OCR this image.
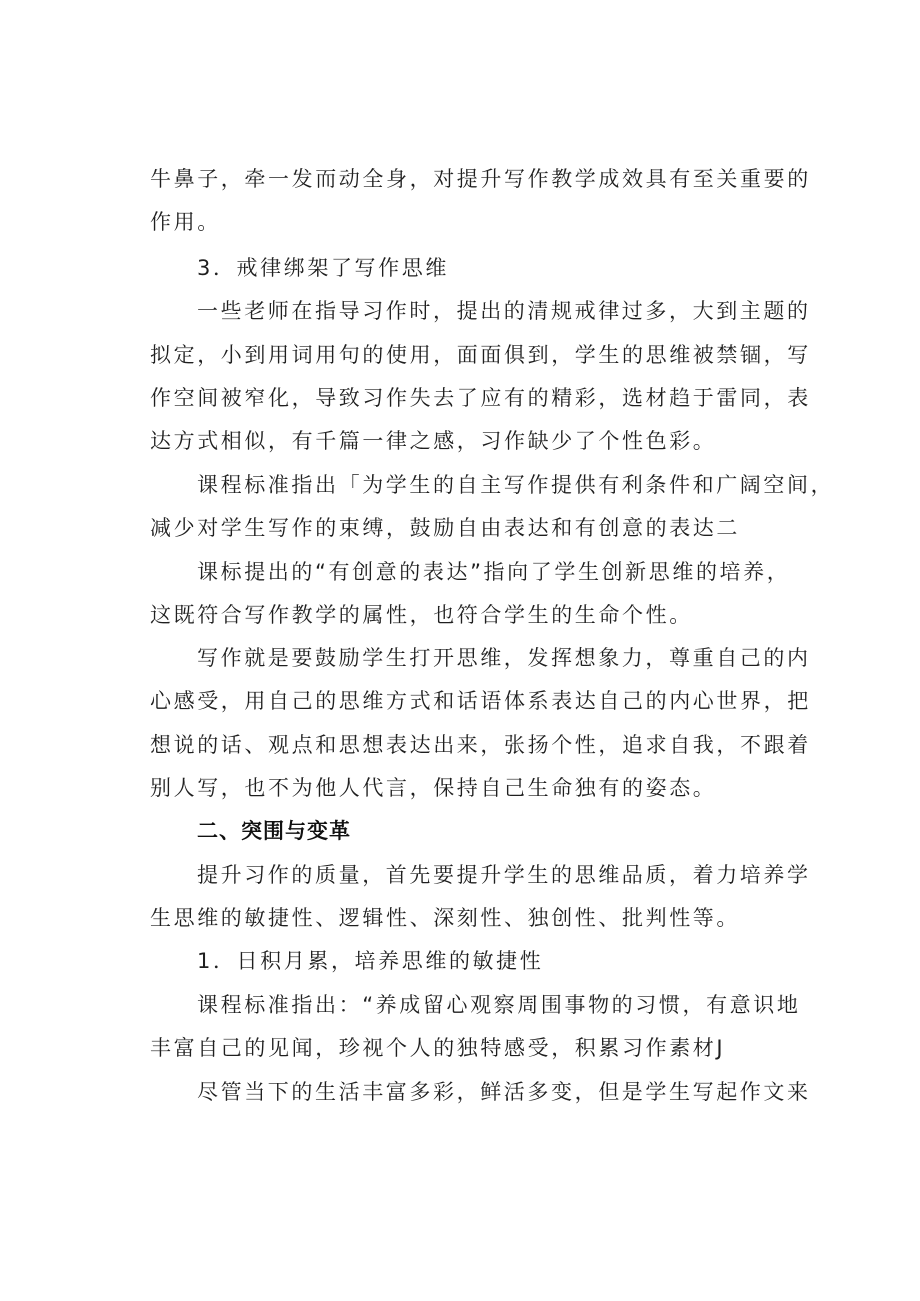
牛鼻子，牵一发而动全身，对提升写作教学成效具有至关重要的
作用。
3．戒律绑架了写作思维
一些老师在指导习作时，提出的清规戒律过多，大到主题的
拟定，小到用词用句的使用，面面俱到，学生的思维被禁锢，写
作空间被窄化，导致习作失去了应有的精彩，选材趋于雷同，表
达方式相似，有千篇一律之感，习作缺少了个性色彩。
课程标准指出「为学生的自主写作提供有利条件和广阔空间，
减少对学生写作的束缚，鼓励自由表达和有创意的表达二
课标提出的“有创意的表达”指向了学生创新思维的培养，
这既符合写作教学的属性，也符合学生的生命个性。
写作就是要鼓励学生打开思维，发挥想象力，尊重自己的内
心感受，用自己的思维方式和话语体系表达自己的内心世界，把
想说的话、观点和思想表达出来，张扬个性，追求自我，不跟着
别人写，也不为他人代言，保持自己生命独有的姿态。
二、突围与变革
提升习作的质量，首先要提升学生的思维品质，着力培养学
生思维的敏捷性、逻辑性、深刻性、独创性、批判性等。
1．日积月累，培养思维的敏捷性
课程标准指出：“养成留心观察周围事物的习惯，有意识地
丰富自己的见闻，珍视个人的独特感受，积累习作素材J
尽管当下的生活丰富多彩，鲜活多变，但是学生写起作文来
